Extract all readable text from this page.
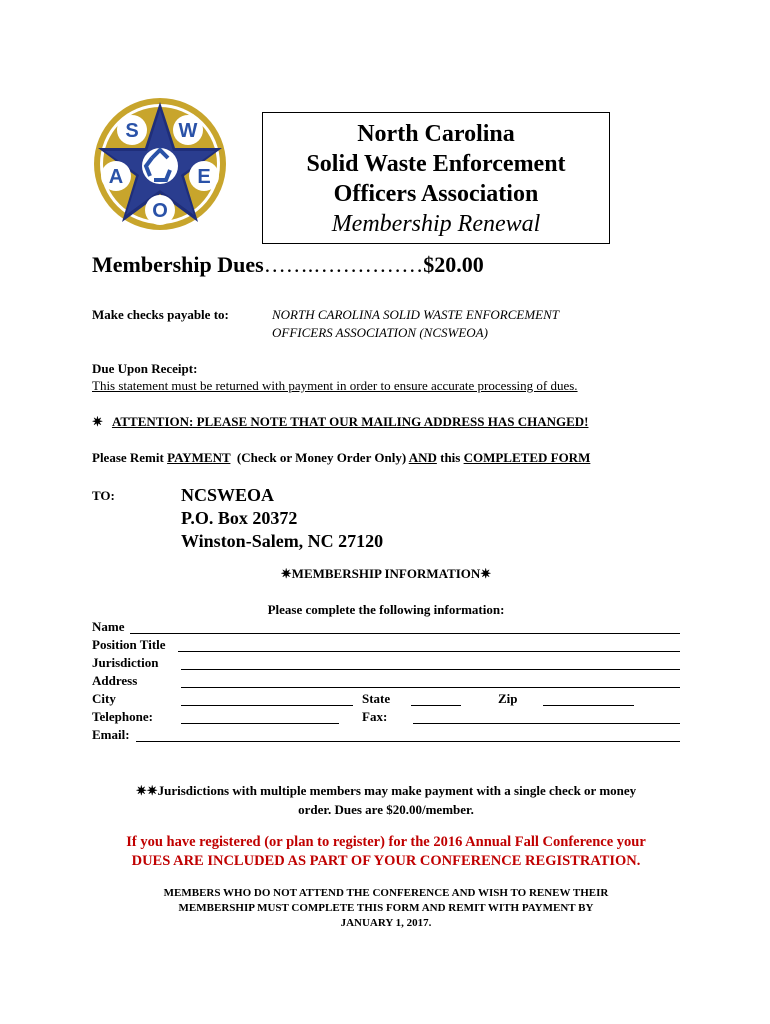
S W
A	E
O
North Carolina
Solid Waste Enforcement
Officers Association
Membership Renewal
Membership Dues…….……………$20.00
Make checks payable to:	NORTH CAROLINA SOLID WASTE ENFORCEMENT
OFFICERS ASSOCIATION (NCSWEOA)
Due Upon Receipt:
This statement must be returned with payment in order to ensure accurate processing of dues.
✷ ATTENTION: PLEASE NOTE THAT OUR MAILING ADDRESS HAS CHANGED!
Please Remit PAYMENT  (Check or Money Order Only) AND this COMPLETED FORM
TO:	NCSWEOA
P.O. Box 20372
Winston-Salem, NC 27120
✷MEMBERSHIP INFORMATION✷
Please complete the following information:
Name
Position Title
Jurisdiction
Address
City	State	Zip
Telephone:	Fax:
Email:
✷✷Jurisdictions with multiple members may make payment with a single check or money
order. Dues are $20.00/member.
If you have registered (or plan to register) for the 2016 Annual Fall Conference your
DUES ARE INCLUDED AS PART OF YOUR CONFERENCE REGISTRATION.
MEMBERS WHO DO NOT ATTEND THE CONFERENCE AND WISH TO RENEW THEIR
MEMBERSHIP MUST COMPLETE THIS FORM AND REMIT WITH PAYMENT BY
JANUARY 1, 2017.
